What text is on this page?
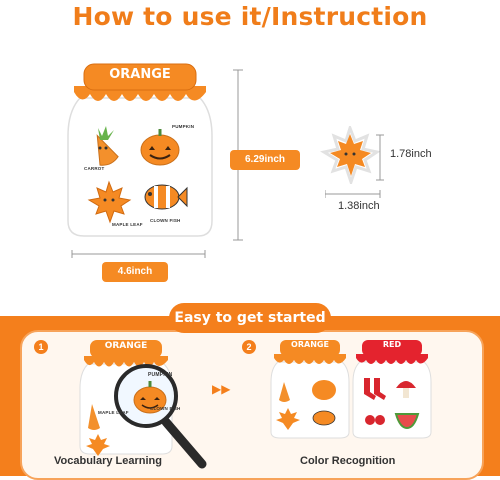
How to use it/Instruction
ORANGE
CARROT
PUMPKIN
MAPLE LEAF
CLOWN FISH
4.6inch
6.29inch	1.78inch
1.38inch
Easy to get started
1	2
ORANGE
PUMPKIN
CLOWN FISH
MAPLE LEAF
▶▶
ORANGE	RED
Vocabulary Learning	Color Recognition
